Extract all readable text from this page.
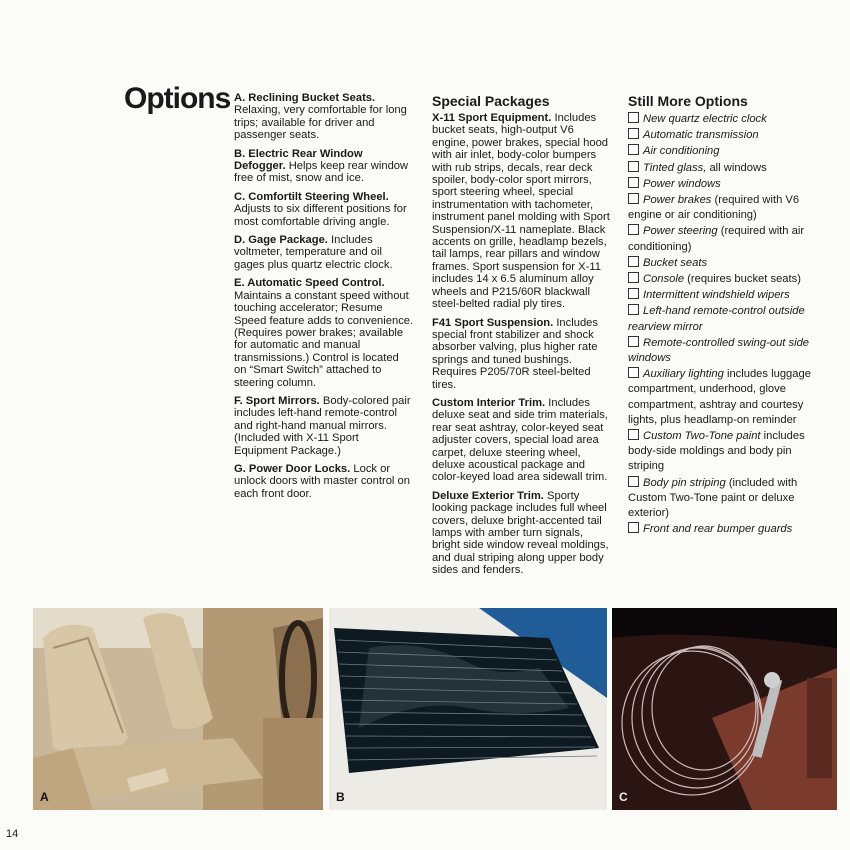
Options A. Reclining Bucket Seats. Relaxing, very comfortable for long trips; available for driver and passenger seats.

B. Electric Rear Window Defogger. Helps keep rear window free of mist, snow and ice.

C. Comfortilt Steering Wheel. Adjusts to six different positions for most comfortable driving angle.

D. Gage Package. Includes voltmeter, temperature and oil gages plus quartz electric clock.

E. Automatic Speed Control. Maintains a constant speed without touching accelerator; Resume Speed feature adds to convenience. (Requires power brakes; available for automatic and manual transmissions.) Control is located on “Smart Switch” attached to steering column.

F. Sport Mirrors. Body-colored pair includes left-hand remote-control and right-hand manual mirrors. (Included with X-11 Sport Equipment Package.)

G. Power Door Locks. Lock or unlock doors with master control on each front door.

Special Packages

X-11 Sport Equipment. Includes bucket seats, high-output V6 engine, power brakes, special hood with air inlet, body-color bumpers with rub strips, decals, rear deck spoiler, body-color sport mirrors, sport steering wheel, special instrumentation with tachometer, instrument panel molding with Sport Suspension/X-11 nameplate. Black accents on grille, headlamp bezels, tail lamps, rear pillars and window frames. Sport suspension for X-11 includes 14 x 6.5 aluminum alloy wheels and P215/60R blackwall steel-belted radial ply tires.

F41 Sport Suspension. Includes special front stabilizer and shock absorber valving, plus higher rate springs and tuned bushings. Requires P205/70R steel-belted tires.

Custom Interior Trim. Includes deluxe seat and side trim materials, rear seat ashtray, color-keyed seat adjuster covers, special load area carpet, deluxe steering wheel, deluxe acoustical package and color-keyed load area sidewall trim.

Deluxe Exterior Trim. Sporty looking package includes full wheel covers, deluxe bright-accented tail lamps with amber turn signals, bright side window reveal moldings, and dual striping along upper body sides and fenders.

Still More Options
New quartz electric clock
Automatic transmission
Air conditioning
Tinted glass, all windows
Power windows
Power brakes (required with V6 engine or air conditioning)
Power steering (required with air conditioning)
Bucket seats
Console (requires bucket seats)
Intermittent windshield wipers
Left-hand remote-control outside rearview mirror
Remote-controlled swing-out side windows
Auxiliary lighting includes luggage compartment, underhood, glove compartment, ashtray and courtesy lights, plus headlamp-on reminder
Custom Two-Tone paint includes body-side moldings and body pin striping
Body pin striping (included with Custom Two-Tone paint or deluxe exterior)
Front and rear bumper guards
A	B	C
14
